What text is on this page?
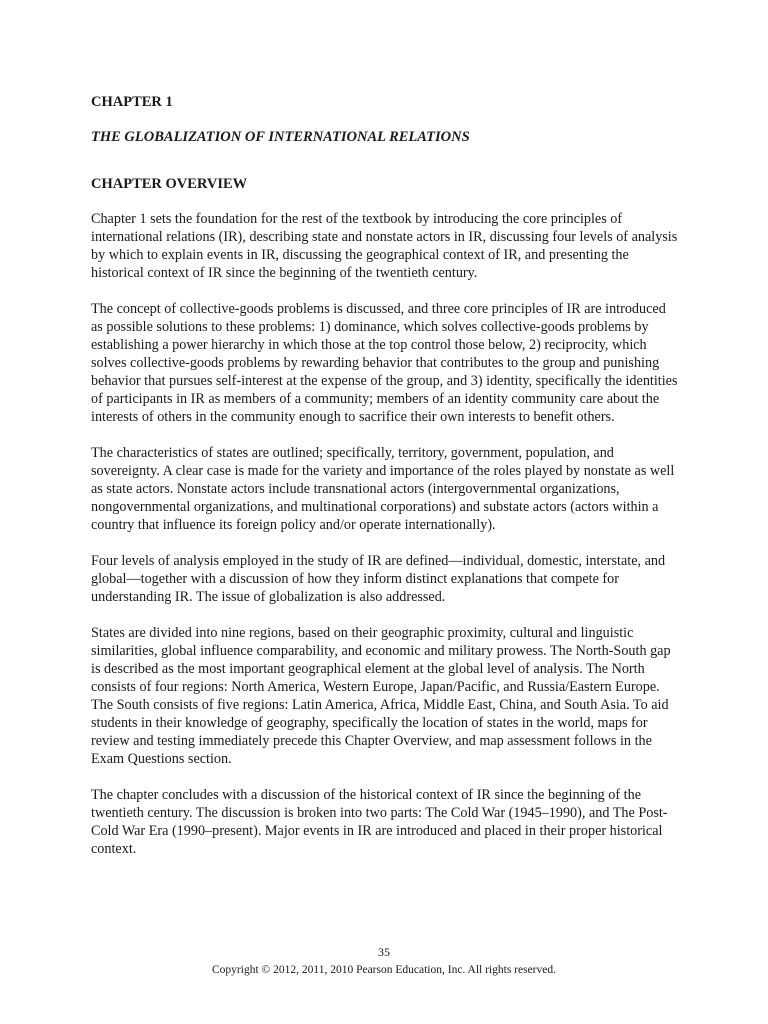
CHAPTER 1

THE GLOBALIZATION OF INTERNATIONAL RELATIONS

CHAPTER OVERVIEW

Chapter 1 sets the foundation for the rest of the textbook by introducing the core principles of international relations (IR), describing state and nonstate actors in IR, discussing four levels of analysis by which to explain events in IR, discussing the geographical context of IR, and presenting the historical context of IR since the beginning of the twentieth century.

The concept of collective-goods problems is discussed, and three core principles of IR are introduced as possible solutions to these problems: 1) dominance, which solves collective-goods problems by establishing a power hierarchy in which those at the top control those below, 2) reciprocity, which solves collective-goods problems by rewarding behavior that contributes to the group and punishing behavior that pursues self-interest at the expense of the group, and 3) identity, specifically the identities of participants in IR as members of a community; members of an identity community care about the interests of others in the community enough to sacrifice their own interests to benefit others.

The characteristics of states are outlined; specifically, territory, government, population, and sovereignty. A clear case is made for the variety and importance of the roles played by nonstate as well as state actors. Nonstate actors include transnational actors (intergovernmental organizations, nongovernmental organizations, and multinational corporations) and substate actors (actors within a country that influence its foreign policy and/or operate internationally).

Four levels of analysis employed in the study of IR are defined—individual, domestic, interstate, and global—together with a discussion of how they inform distinct explanations that compete for understanding IR. The issue of globalization is also addressed.

States are divided into nine regions, based on their geographic proximity, cultural and linguistic similarities, global influence comparability, and economic and military prowess. The North-South gap is described as the most important geographical element at the global level of analysis. The North consists of four regions: North America, Western Europe, Japan/Pacific, and Russia/Eastern Europe. The South consists of five regions: Latin America, Africa, Middle East, China, and South Asia. To aid students in their knowledge of geography, specifically the location of states in the world, maps for review and testing immediately precede this Chapter Overview, and map assessment follows in the Exam Questions section.

The chapter concludes with a discussion of the historical context of IR since the beginning of the twentieth century. The discussion is broken into two parts: The Cold War (1945–1990), and The Post-Cold War Era (1990–present). Major events in IR are introduced and placed in their proper historical context.

35
Copyright © 2012, 2011, 2010 Pearson Education, Inc. All rights reserved.
